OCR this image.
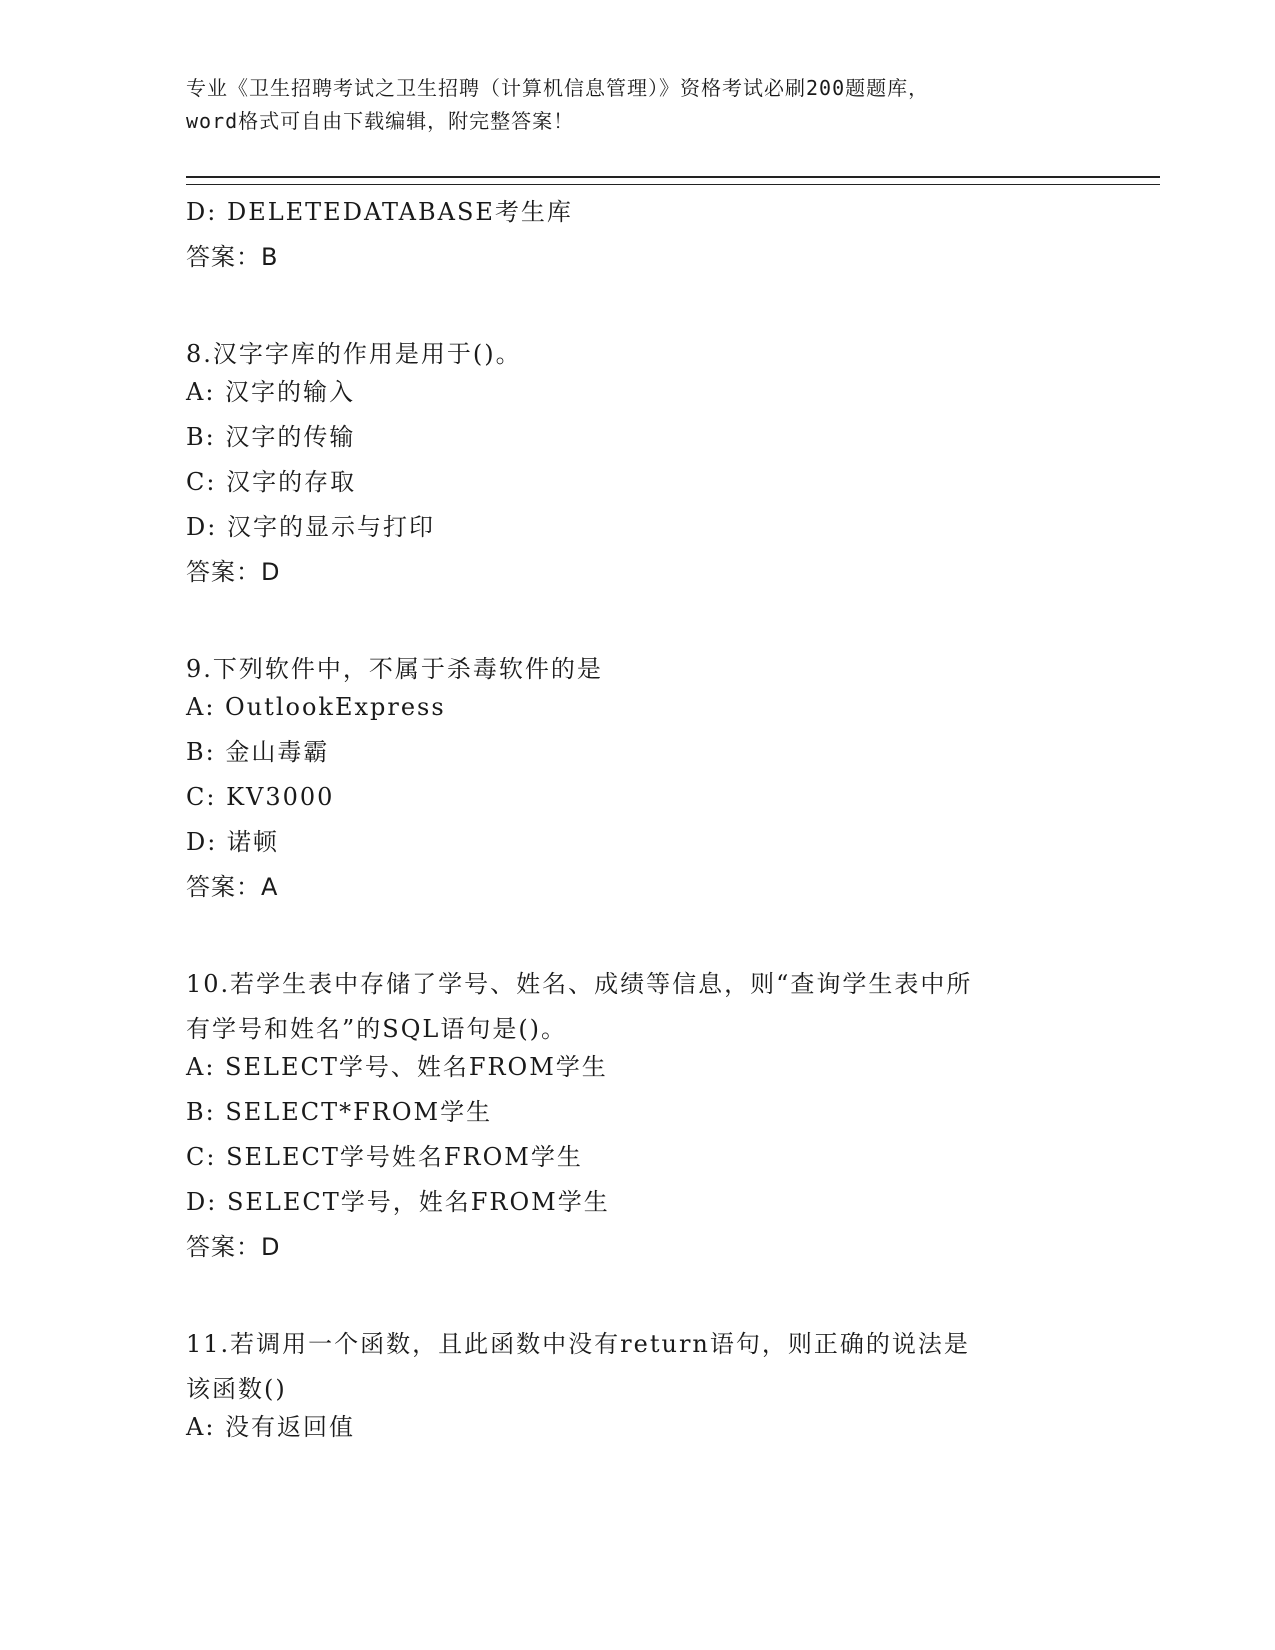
专业《卫生招聘考试之卫生招聘（计算机信息管理）》资格考试必刷200题题库，
word格式可自由下载编辑，附完整答案！
D: DELETEDATABASE考生库
答案：B
8.汉字字库的作用是用于()。
A: 汉字的输入
B: 汉字的传输
C: 汉字的存取
D: 汉字的显示与打印
答案：D
9.下列软件中，不属于杀毒软件的是
A: OutlookExpress
B: 金山毒霸
C: KV3000
D: 诺顿
答案：A
10.若学生表中存储了学号、姓名、成绩等信息，则“查询学生表中所
有学号和姓名”的SQL语句是()。
A: SELECT学号、姓名FROM学生
B: SELECT*FROM学生
C: SELECT学号姓名FROM学生
D: SELECT学号，姓名FROM学生
答案：D
11.若调用一个函数，且此函数中没有return语句，则正确的说法是
该函数()
A: 没有返回值
